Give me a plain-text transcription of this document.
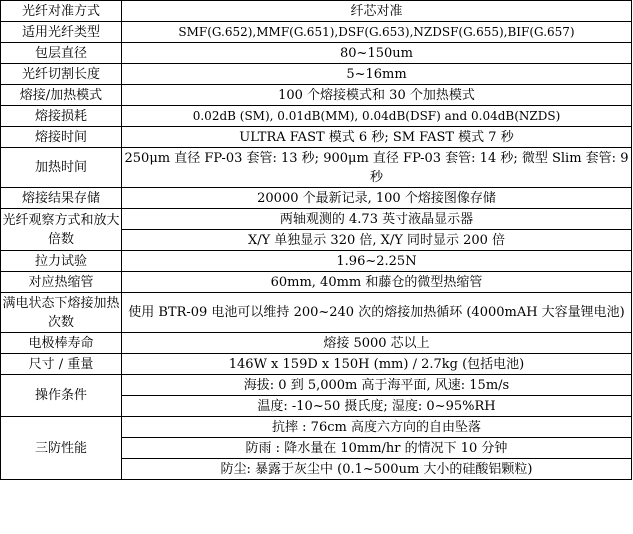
光纤对准方式	纤芯对准
适用光纤类型	SMF(G.652),MMF(G.651),DSF(G.653),NZDSF(G.655),BIF(G.657)
包层直径	80~150um
光纤切割长度	5~16mm
熔接/加热模式	100 个熔接模式和 30 个加热模式
熔接损耗	0.02dB (SM), 0.01dB(MM), 0.04dB(DSF) and 0.04dB(NZDS)
熔接时间	ULTRA FAST 模式 6 秒; SM FAST 模式 7 秒
加热时间	250μm 直径 FP-03 套管: 13 秒; 900μm 直径 FP-03 套管: 14 秒; 微型 Slim 套管: 9 秒
熔接结果存储	20000 个最新记录, 100 个熔接图像存储
光纤观察方式和放大倍数	两轴观测的 4.73 英寸液晶显示器
	X/Y 单独显示 320 倍, X/Y 同时显示 200 倍
拉力试验	1.96~2.25N
对应热缩管	60mm, 40mm 和藤仓的微型热缩管
满电状态下熔接加热次数	使用 BTR-09 电池可以维持 200~240 次的熔接加热循环 (4000mAH 大容量锂电池)
电极棒寿命	熔接 5000 芯以上
尺寸 / 重量	146W x 159D x 150H (mm) / 2.7kg (包括电池)
操作条件	海拔: 0 到 5,000m 高于海平面, 风速: 15m/s
	温度: -10~50 摄氏度; 湿度: 0~95%RH
三防性能	抗摔 : 76cm 高度六方向的自由坠落
	防雨 : 降水量在 10mm/hr 的情况下 10 分钟
	防尘: 暴露于灰尘中 (0.1~500um 大小的硅酸铝颗粒)
